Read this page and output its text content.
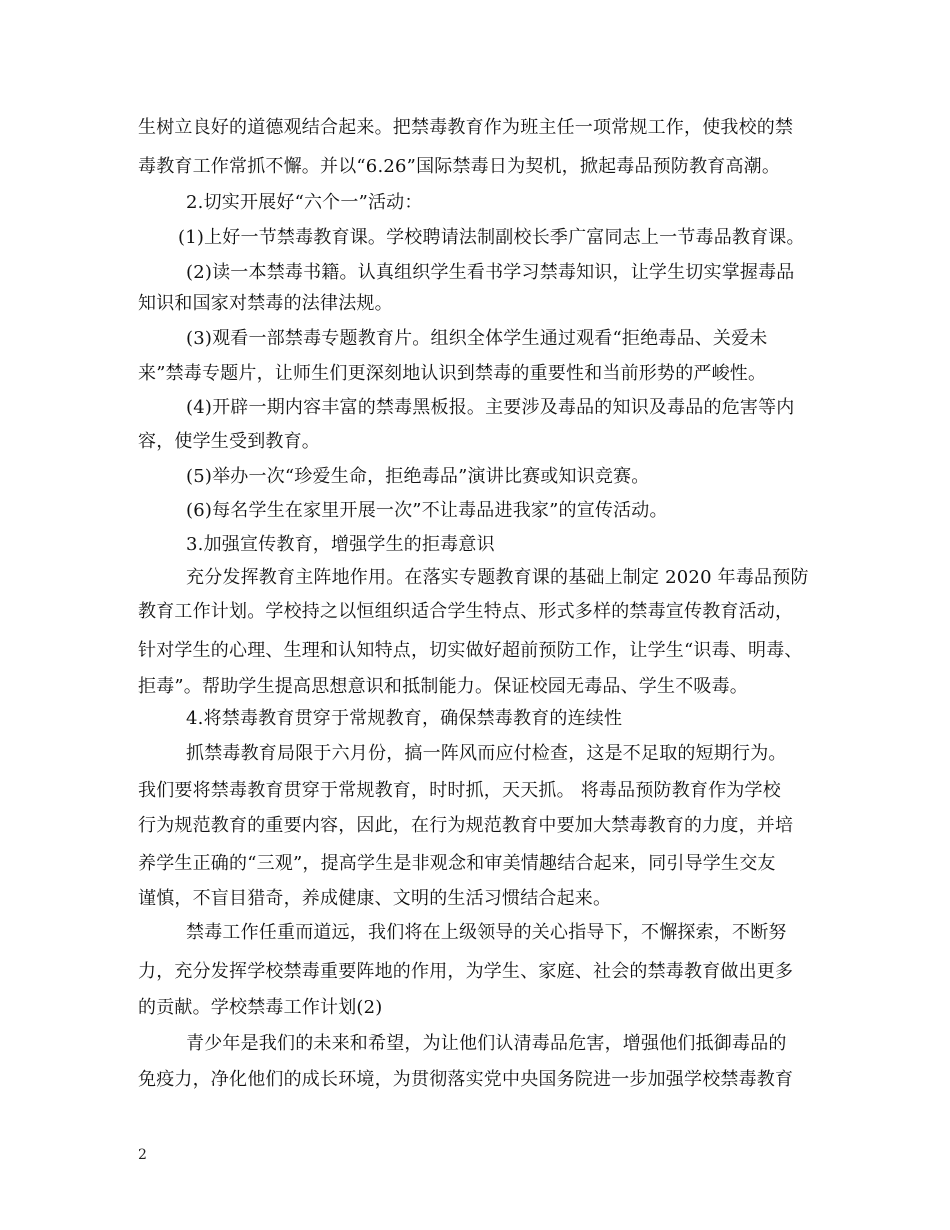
生树立良好的道德观结合起来。把禁毒教育作为班主任一项常规工作，使我校的禁
毒教育工作常抓不懈。并以“6.26”国际禁毒日为契机，掀起毒品预防教育高潮。
2.切实开展好“六个一”活动：
(1)上好一节禁毒教育课。学校聘请法制副校长季广富同志上一节毒品教育课。
(2)读一本禁毒书籍。认真组织学生看书学习禁毒知识，让学生切实掌握毒品
知识和国家对禁毒的法律法规。
(3)观看一部禁毒专题教育片。组织全体学生通过观看“拒绝毒品、关爱未
来”禁毒专题片，让师生们更深刻地认识到禁毒的重要性和当前形势的严峻性。
(4)开辟一期内容丰富的禁毒黑板报。主要涉及毒品的知识及毒品的危害等内
容，使学生受到教育。
(5)举办一次“珍爱生命，拒绝毒品”演讲比赛或知识竞赛。
(6)每名学生在家里开展一次”不让毒品进我家”的宣传活动。
3.加强宣传教育，增强学生的拒毒意识
充分发挥教育主阵地作用。在落实专题教育课的基础上制定 2020 年毒品预防
教育工作计划。学校持之以恒组织适合学生特点、形式多样的禁毒宣传教育活动，
针对学生的心理、生理和认知特点，切实做好超前预防工作，让学生“识毒、明毒、
拒毒”。帮助学生提高思想意识和抵制能力。保证校园无毒品、学生不吸毒。
4.将禁毒教育贯穿于常规教育，确保禁毒教育的连续性
抓禁毒教育局限于六月份，搞一阵风而应付检查，这是不足取的短期行为。
我们要将禁毒教育贯穿于常规教育，时时抓，天天抓。 将毒品预防教育作为学校
行为规范教育的重要内容，因此，在行为规范教育中要加大禁毒教育的力度，并培
养学生正确的“三观”，提高学生是非观念和审美情趣结合起来，同引导学生交友
谨慎，不盲目猎奇，养成健康、文明的生活习惯结合起来。
禁毒工作任重而道远，我们将在上级领导的关心指导下，不懈探索，不断努
力，充分发挥学校禁毒重要阵地的作用，为学生、家庭、社会的禁毒教育做出更多
的贡献。学校禁毒工作计划(2)
青少年是我们的未来和希望，为让他们认清毒品危害，增强他们抵御毒品的
免疫力，净化他们的成长环境，为贯彻落实党中央国务院进一步加强学校禁毒教育
2
